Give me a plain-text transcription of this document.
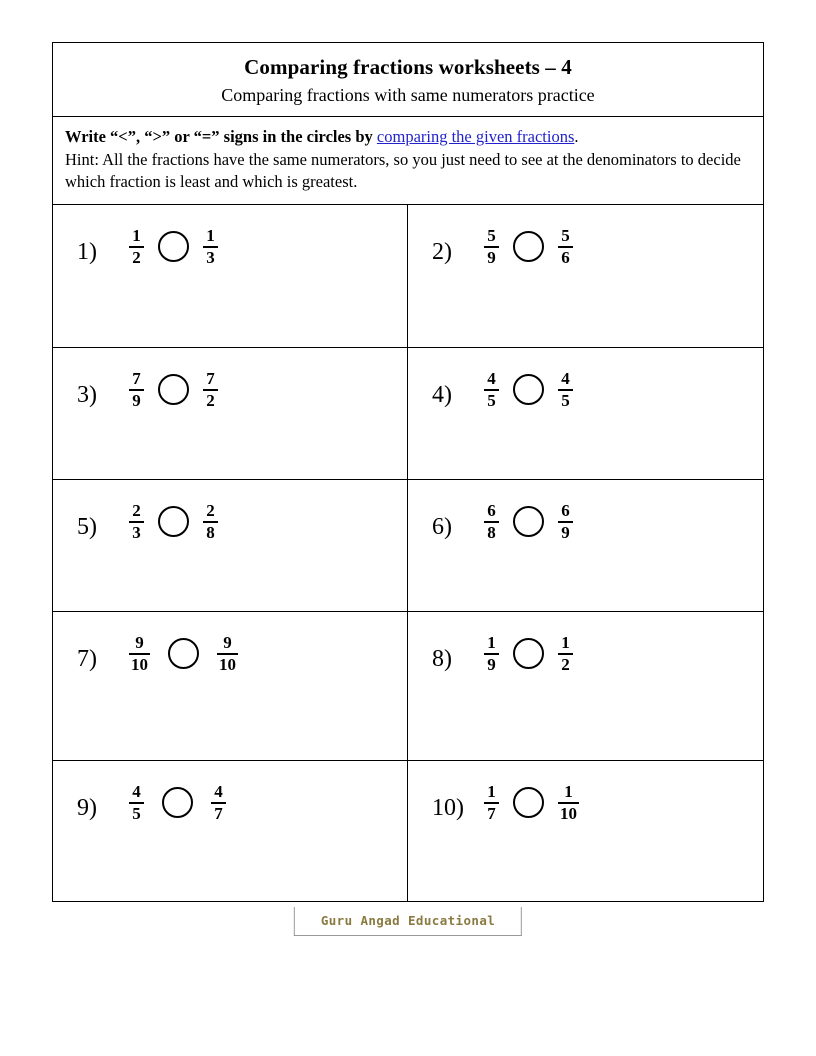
Comparing fractions worksheets – 4
Comparing fractions with same numerators practice
Write “<”, “>” or “=” signs in the circles by comparing the given fractions.
Hint: All the fractions have the same numerators, so you just need to see at the denominators to decide which fraction is least and which is greatest.
1)	$\frac{1}{2}$	$\frac{1}{3}$	2)	$\frac{5}{9}$	$\frac{5}{6}$
3)	$\frac{7}{9}$	$\frac{7}{2}$	4)	$\frac{4}{5}$	$\frac{4}{5}$
5)	$\frac{2}{3}$	$\frac{2}{8}$	6)	$\frac{6}{8}$	$\frac{6}{9}$
7)	$\frac{9}{10}$	$\frac{9}{10}$	8)	$\frac{1}{9}$	$\frac{1}{2}$
9)	$\frac{4}{5}$	$\frac{4}{7}$	10)	$\frac{1}{7}$	$\frac{1}{10}$
Guru Angad Educational
